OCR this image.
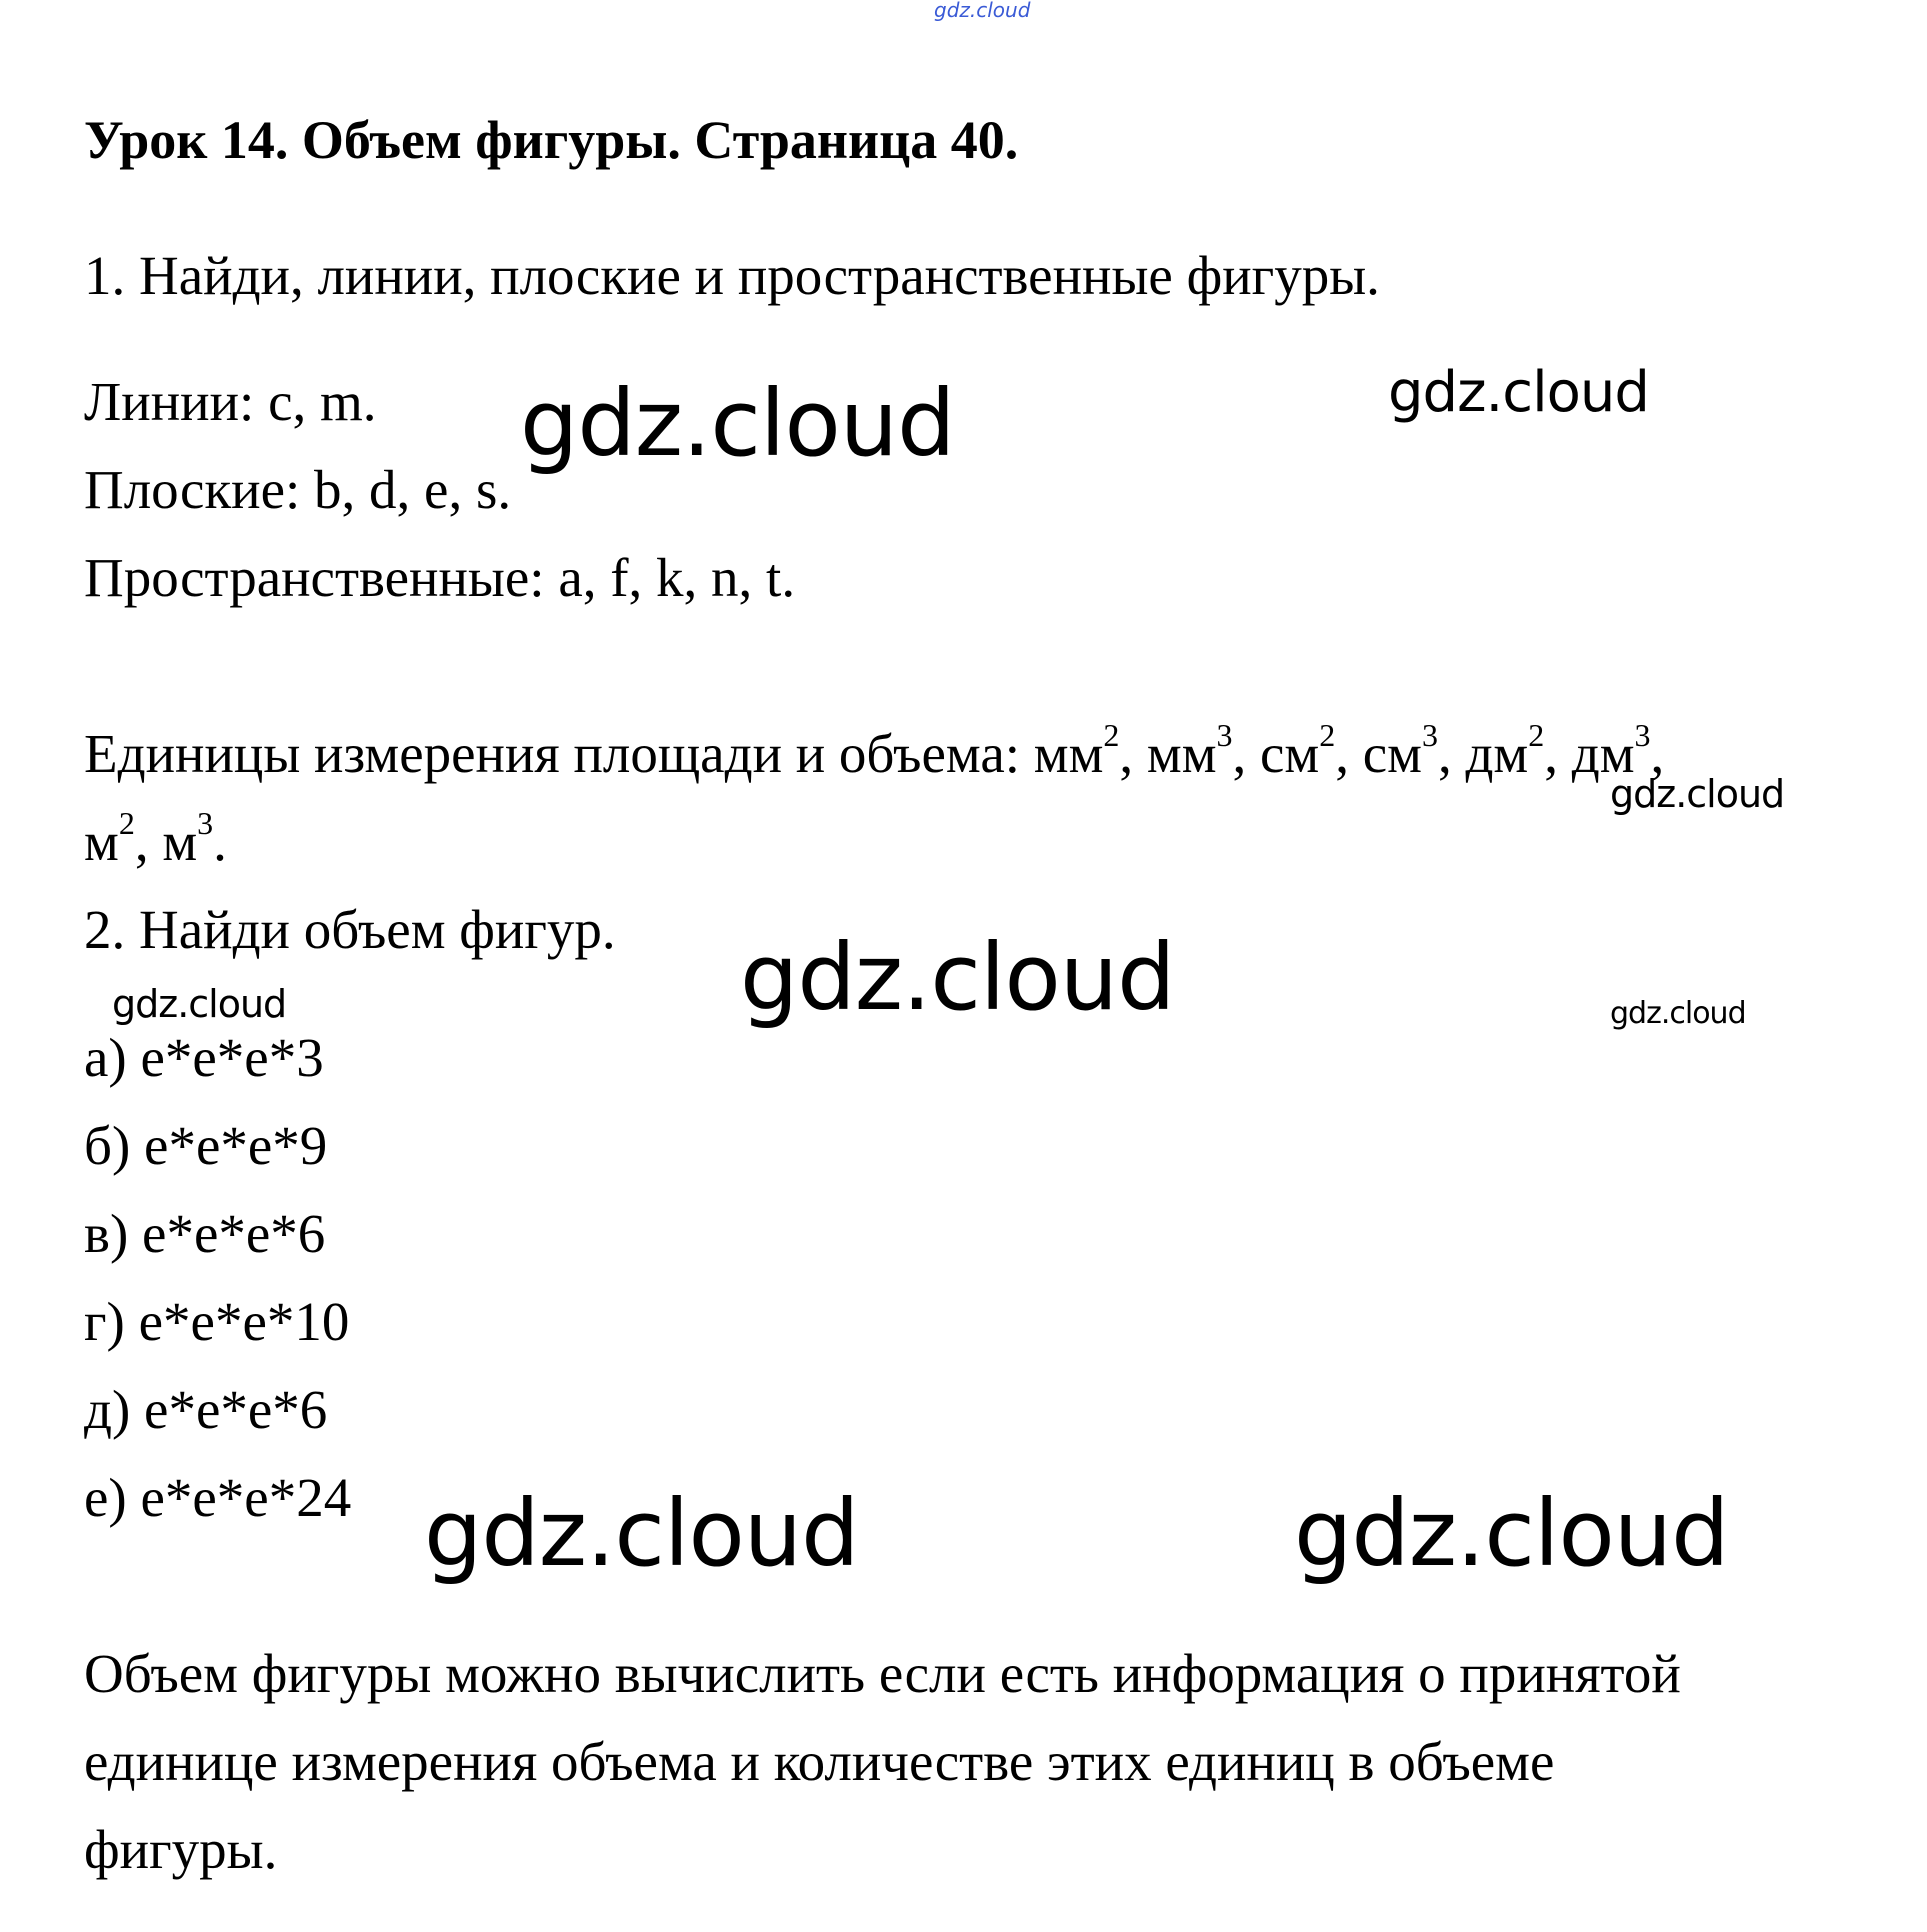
gdz.cloud
Урок 14. Объем фигуры. Страница 40.

1. Найди, линии, плоские и пространственные фигуры.

Линии: c, m.

Плоские: b, d, e, s.

Пространственные: a, f, k, n, t.

gdz.cloud	gdz.cloud

Единицы измерения площади и объема: $мм^2$, $мм^3$, $см^2$, $см^3$, $дм^2$, $дм^3$,

$м^2$, $м^3$.

gdz.cloud

2. Найди объем фигур. gdz.cloud
gdz.cloud	gdz.cloud

а) e*e*e*3

б) e*e*e*9

в) e*e*e*6

г) e*e*e*10

д) e*e*e*6

е) e*e*e*24 gdz.cloud	gdz.cloud

Объем фигуры можно вычислить если есть информация о принятой

единице измерения объема и количестве этих единиц в объеме

фигуры.
